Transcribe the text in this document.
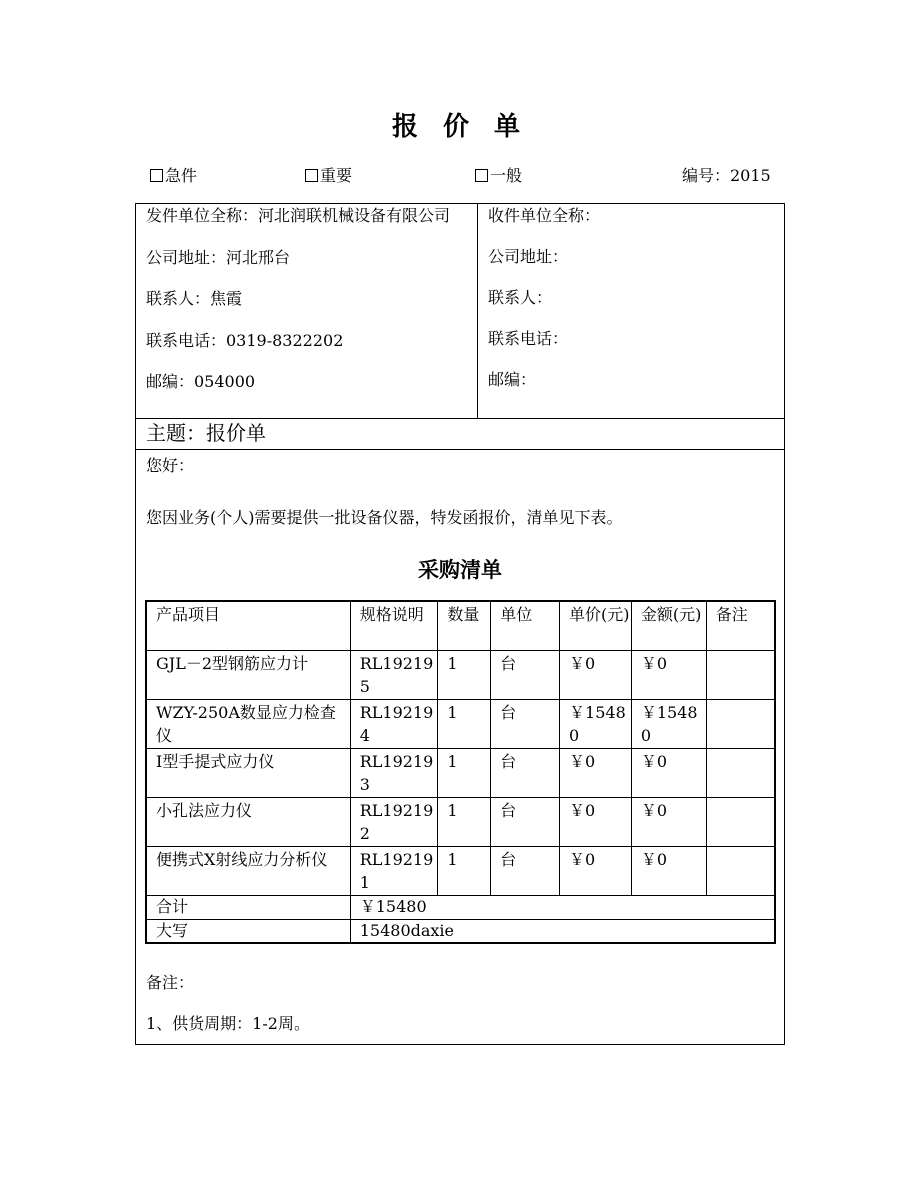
报 价 单
急件	重要	一般	编号：2015

发件单位全称：河北润联机械设备有限公司

公司地址：河北邢台

联系人：焦霞

联系电话：0319-8322202

邮编：054000

收件单位全称：

公司地址：

联系人：

联系电话：

邮编：

主题：报价单
您好：
您因业务(个人)需要提供一批设备仪器，特发函报价，清单见下表。
采购清单
产品项目	规格说明	数量	单位	单价(元)	金额(元)	备注
GJL－2型钢筋应力计	RL192195	1	台	￥0	￥0	
WZY-250A数显应力检查仪	RL192194	1	台	￥15480	￥15480	
Ⅰ型手提式应力仪	RL192193	1	台	￥0	￥0	
小孔法应力仪	RL192192	1	台	￥0	￥0	
便携式X射线应力分析仪	RL192191	1	台	￥0	￥0	
合计	￥15480					
大写	15480daxie					
备注：
1、供货周期：1-2周。
